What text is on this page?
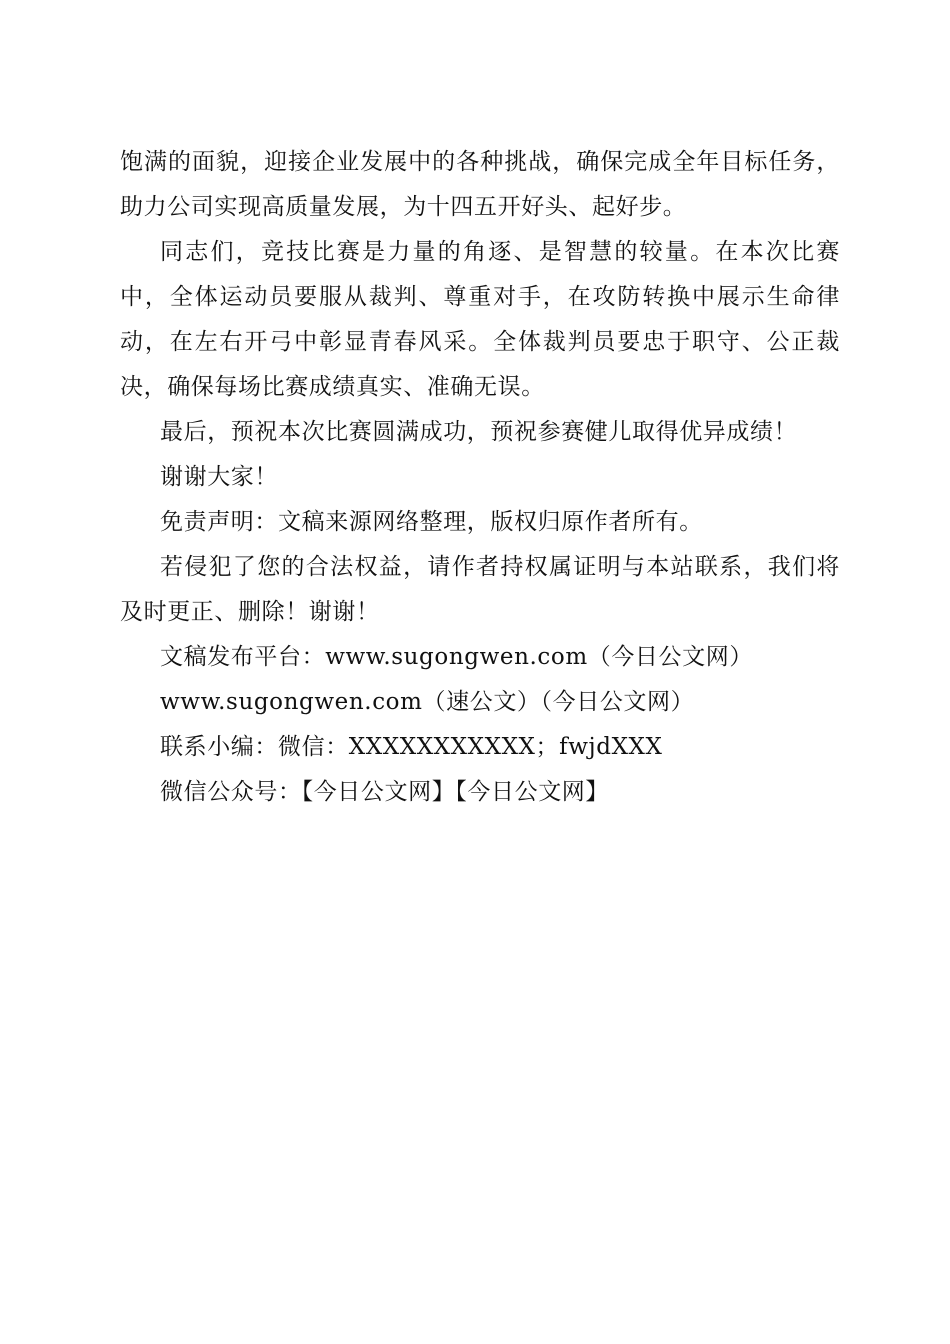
饱满的面貌，迎接企业发展中的各种挑战，确保完成全年目标任务，助力公司实现高质量发展，为十四五开好头、起好步。

同志们，竞技比赛是力量的角逐、是智慧的较量。在本次比赛中，全体运动员要服从裁判、尊重对手，在攻防转换中展示生命律动，在左右开弓中彰显青春风采。全体裁判员要忠于职守、公正裁决，确保每场比赛成绩真实、准确无误。

最后，预祝本次比赛圆满成功，预祝参赛健儿取得优异成绩！

谢谢大家！

免责声明：文稿来源网络整理，版权归原作者所有。

若侵犯了您的合法权益，请作者持权属证明与本站联系，我们将及时更正、删除！谢谢！

文稿发布平台：www.sugongwen.com（今日公文网）

www.sugongwen.com（速公文）（今日公文网）

联系小编：微信：XXXXXXXXXXX；fwjdXXX

微信公众号：【今日公文网】【今日公文网】
